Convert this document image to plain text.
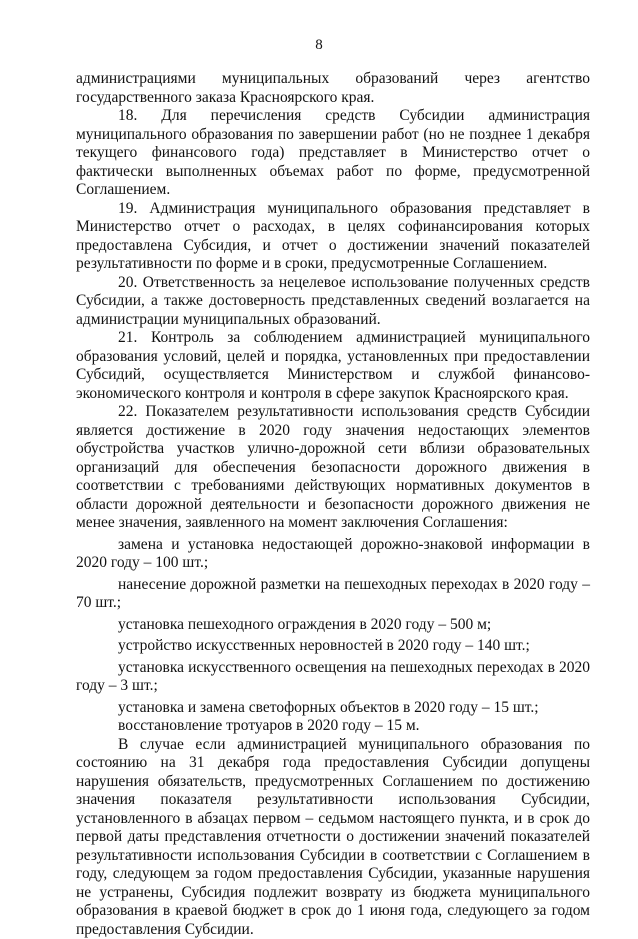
8

администрациями муниципальных образований через агентство государственного заказа Красноярского края.

18. Для перечисления средств Субсидии администрация муниципального образования по завершении работ (но не позднее 1 декабря текущего финансового года) представляет в Министерство отчет о фактически выполненных объемах работ по форме, предусмотренной Соглашением.

19. Администрация муниципального образования представляет в Министерство отчет о расходах, в целях софинансирования которых предоставлена Субсидия, и отчет о достижении значений показателей результативности по форме и в сроки, предусмотренные Соглашением.

20. Ответственность за нецелевое использование полученных средств Субсидии, а также достоверность представленных сведений возлагается на администрации муниципальных образований.

21. Контроль за соблюдением администрацией муниципального образования условий, целей и порядка, установленных при предоставлении Субсидий, осуществляется Министерством и службой финансово-экономического контроля и контроля в сфере закупок Красноярского края.

22. Показателем результативности использования средств Субсидии является достижение в 2020 году значения недостающих элементов обустройства участков улично-дорожной сети вблизи образовательных организаций для обеспечения безопасности дорожного движения в соответствии с требованиями действующих нормативных документов в области дорожной деятельности и безопасности дорожного движения не менее значения, заявленного на момент заключения Соглашения:

замена и установка недостающей дорожно-знаковой информации в 2020 году – 100 шт.;

нанесение дорожной разметки на пешеходных переходах в 2020 году – 70 шт.;

установка пешеходного ограждения в 2020 году – 500 м;

устройство искусственных неровностей в 2020 году – 140 шт.;

установка искусственного освещения на пешеходных переходах в 2020 году – 3 шт.;

установка и замена светофорных объектов в 2020 году – 15 шт.;

восстановление тротуаров в 2020 году – 15 м.

В случае если администрацией муниципального образования по состоянию на 31 декабря года предоставления Субсидии допущены нарушения обязательств, предусмотренных Соглашением по достижению значения показателя результативности использования Субсидии, установленного в абзацах первом – седьмом настоящего пункта, и в срок до первой даты представления отчетности о достижении значений показателей результативности использования Субсидии в соответствии с Соглашением в году, следующем за годом предоставления Субсидии, указанные нарушения не устранены, Субсидия подлежит возврату из бюджета муниципального образования в краевой бюджет в срок до 1 июня года, следующего за годом предоставления Субсидии.
